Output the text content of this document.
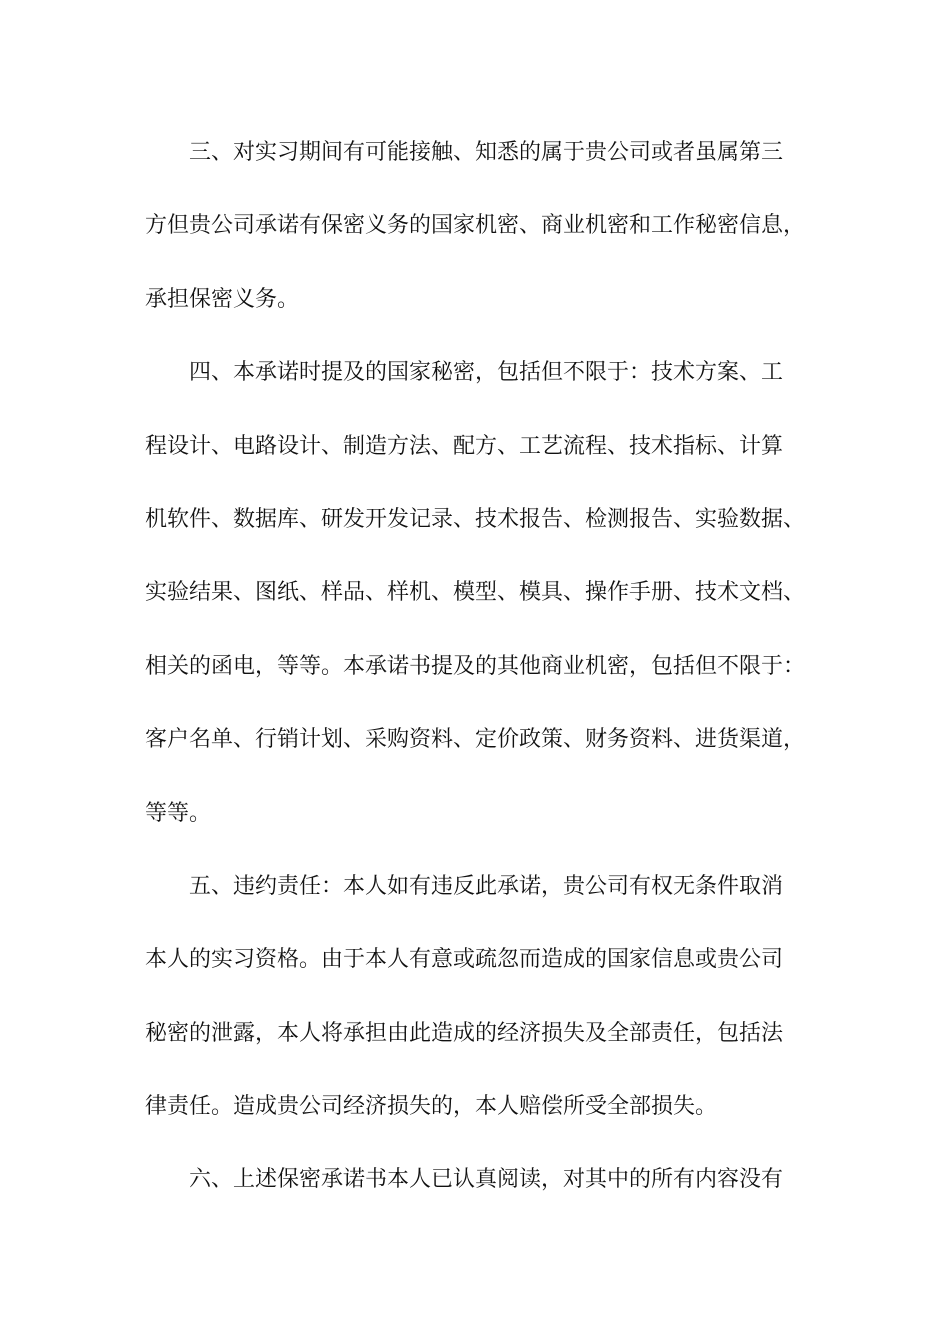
三、对实习期间有可能接触、知悉的属于贵公司或者虽属第三
方但贵公司承诺有保密义务的国家机密、商业机密和工作秘密信息，
承担保密义务。
四、本承诺时提及的国家秘密，包括但不限于：技术方案、工
程设计、电路设计、制造方法、配方、工艺流程、技术指标、计算
机软件、数据库、研发开发记录、技术报告、检测报告、实验数据、
实验结果、图纸、样品、样机、模型、模具、操作手册、技术文档、
相关的函电，等等。本承诺书提及的其他商业机密，包括但不限于：
客户名单、行销计划、采购资料、定价政策、财务资料、进货渠道，
等等。
五、违约责任：本人如有违反此承诺，贵公司有权无条件取消
本人的实习资格。由于本人有意或疏忽而造成的国家信息或贵公司
秘密的泄露，本人将承担由此造成的经济损失及全部责任，包括法
律责任。造成贵公司经济损失的，本人赔偿所受全部损失。
六、上述保密承诺书本人已认真阅读，对其中的所有内容没有
